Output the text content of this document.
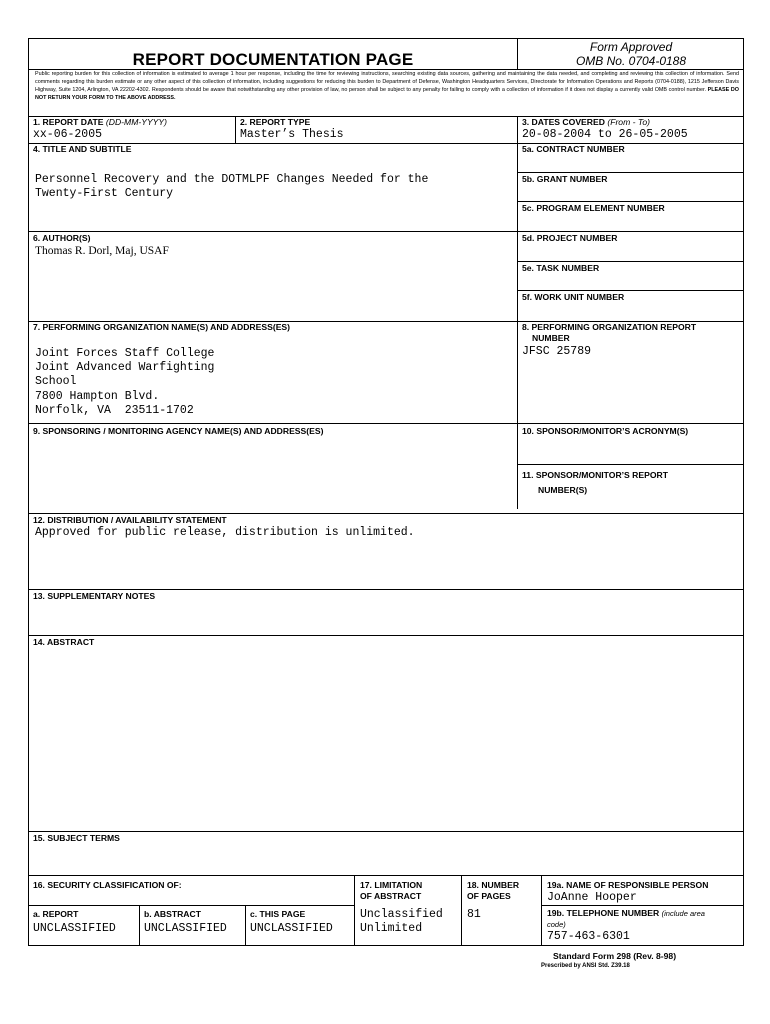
REPORT DOCUMENTATION PAGE
Form Approved
OMB No. 0704-0188
Public reporting burden for this collection of information is estimated to average 1 hour per response, including the time for reviewing instructions, searching existing data sources, gathering and maintaining the data needed, and completing and reviewing this collection of information. Send comments regarding this burden estimate or any other aspect of this collection of information, including suggestions for reducing this burden to Department of Defense, Washington Headquarters Services, Directorate for Information Operations and Reports (0704-0188), 1215 Jefferson Davis Highway, Suite 1204, Arlington, VA 22202-4302. Respondents should be aware that notwithstanding any other provision of law, no person shall be subject to any penalty for failing to comply with a collection of information if it does not display a currently valid OMB control number. PLEASE DO NOT RETURN YOUR FORM TO THE ABOVE ADDRESS.
1. REPORT DATE (DD-MM-YYYY)
xx-06-2005
2. REPORT TYPE
Master’s Thesis
3. DATES COVERED (From - To)
20-08-2004 to 26-05-2005
4. TITLE AND SUBTITLE
Personnel Recovery and the DOTMLPF Changes Needed for the
Twenty-First Century
5a. CONTRACT NUMBER
5b. GRANT NUMBER
5c. PROGRAM ELEMENT NUMBER
6. AUTHOR(S)
Thomas R. Dorl, Maj, USAF
5d. PROJECT NUMBER
5e. TASK NUMBER
5f. WORK UNIT NUMBER
7. PERFORMING ORGANIZATION NAME(S) AND ADDRESS(ES)
Joint Forces Staff College
Joint Advanced Warfighting
School
7800 Hampton Blvd.
Norfolk, VA  23511-1702
8. PERFORMING ORGANIZATION REPORT
NUMBER
JFSC 25789
9. SPONSORING / MONITORING AGENCY NAME(S) AND ADDRESS(ES)	10. SPONSOR/MONITOR’S ACRONYM(S)
11. SPONSOR/MONITOR’S REPORT
NUMBER(S)
12. DISTRIBUTION / AVAILABILITY STATEMENT
Approved for public release, distribution is unlimited.
13. SUPPLEMENTARY NOTES
14. ABSTRACT
15. SUBJECT TERMS
16. SECURITY CLASSIFICATION OF:
a. REPORT
UNCLASSIFIED
b. ABSTRACT
UNCLASSIFIED
c. THIS PAGE
UNCLASSIFIED
17. LIMITATION
OF ABSTRACT
Unclassified
Unlimited
18. NUMBER
OF PAGES
81
19a. NAME OF RESPONSIBLE PERSON
JoAnne Hooper
19b. TELEPHONE NUMBER (include area
code)
757-463-6301
Standard Form 298 (Rev. 8-98)
Prescribed by ANSI Std. Z39.18
